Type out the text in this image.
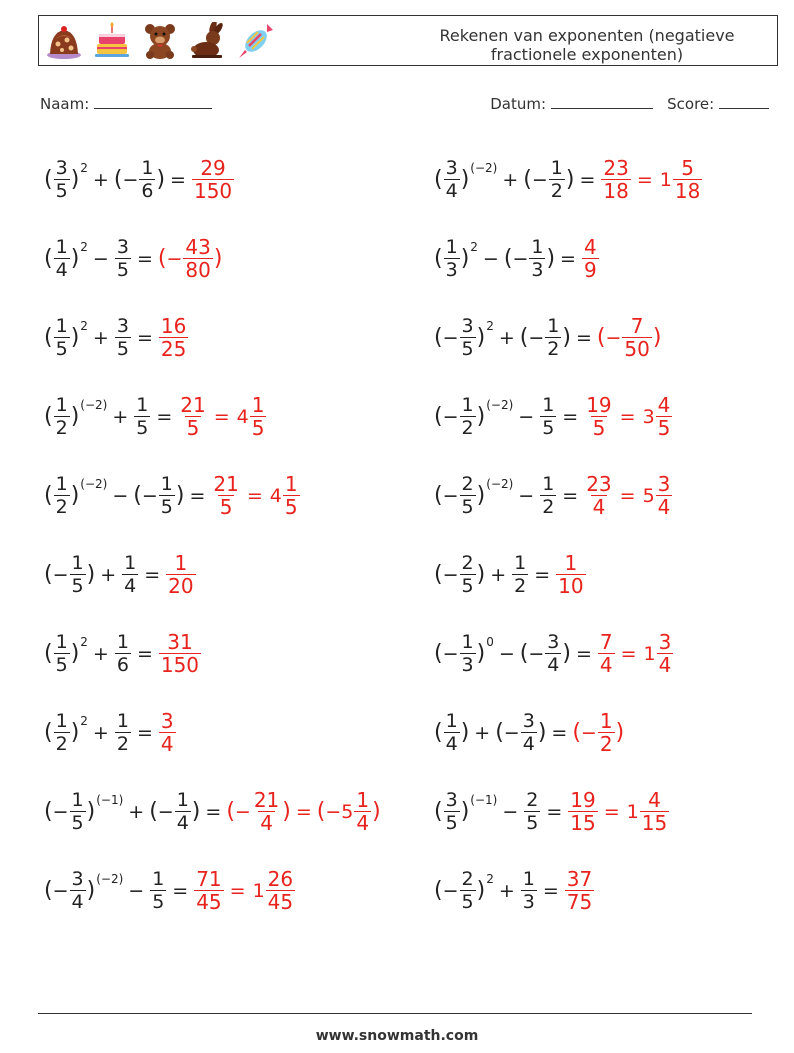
Rekenen van exponenten (negatieve fractionele exponenten)
Naam:	Datum:	Score:
( $\frac{3}{5}$ ) 2
+ ( − $\frac{1}{6}$ ) = $\frac{29}{150}$
( $\frac{1}{4}$ ) 2
− $\frac{3}{5}$ = ( − $\frac{43}{80}$ )
( $\frac{1}{5}$ ) 2
+ $\frac{3}{5} = \frac{16}{25}$
( $\frac{1}{2}$ ) (−2)
+ $\frac{1}{5} = \frac{21}{5} = 4 \frac{1}{5}$
( $\frac{1}{2}$ ) (−2)
− ( − $\frac{1}{5}$ ) = $\frac{21}{5} = 4 \frac{1}{5}$
( − $\frac{1}{5}$ ) + $\frac{1}{4} = \frac{1}{20}$
( $\frac{1}{5}$ ) 2
+ $\frac{1}{6} = \frac{31}{150}$
( $\frac{1}{2}$ ) 2
+ $\frac{1}{2} = \frac{3}{4}$
( − $\frac{1}{5}$ ) (−1)
+ ( − $\frac{1}{4}$ ) = ( − $\frac{21}{4}$ ) = ( $-5 \frac{1}{4}$ )
( − $\frac{3}{4}$ ) (−2)
− $\frac{1}{5} = \frac{71}{45} = 1 \frac{26}{45}$
( $\frac{3}{4}$ ) (−2)
+ ( − $\frac{1}{2}$ ) = $\frac{23}{18} = 1 \frac{5}{18}$
( $\frac{1}{3}$ ) 2
− ( − $\frac{1}{3}$ ) = $\frac{4}{9}$
( − $\frac{3}{5}$ ) 2
+ ( − $\frac{1}{2}$ ) = ( − $\frac{7}{50}$ )
( − $\frac{1}{2}$ ) (−2)
− $\frac{1}{5} = \frac{19}{5} = 3 \frac{4}{5}$
( − $\frac{2}{5}$ ) (−2)
− $\frac{1}{2} = \frac{23}{4} = 5 \frac{3}{4}$
( − $\frac{2}{5}$ ) + $\frac{1}{2} = \frac{1}{10}$
( − $\frac{1}{3}$ ) 0
− ( − $\frac{3}{4}$ ) = $\frac{7}{4} = 1 \frac{3}{4}$
( $\frac{1}{4}$ ) + ( − $\frac{3}{4}$ ) = ( − $\frac{1}{2}$ )
( $\frac{3}{5}$ ) (−1)
− $\frac{2}{5} = \frac{19}{15} = 1 \frac{4}{15}$
( − $\frac{2}{5}$ ) 2
+ $\frac{1}{3} = \frac{37}{75}$
www.snowmath.com
